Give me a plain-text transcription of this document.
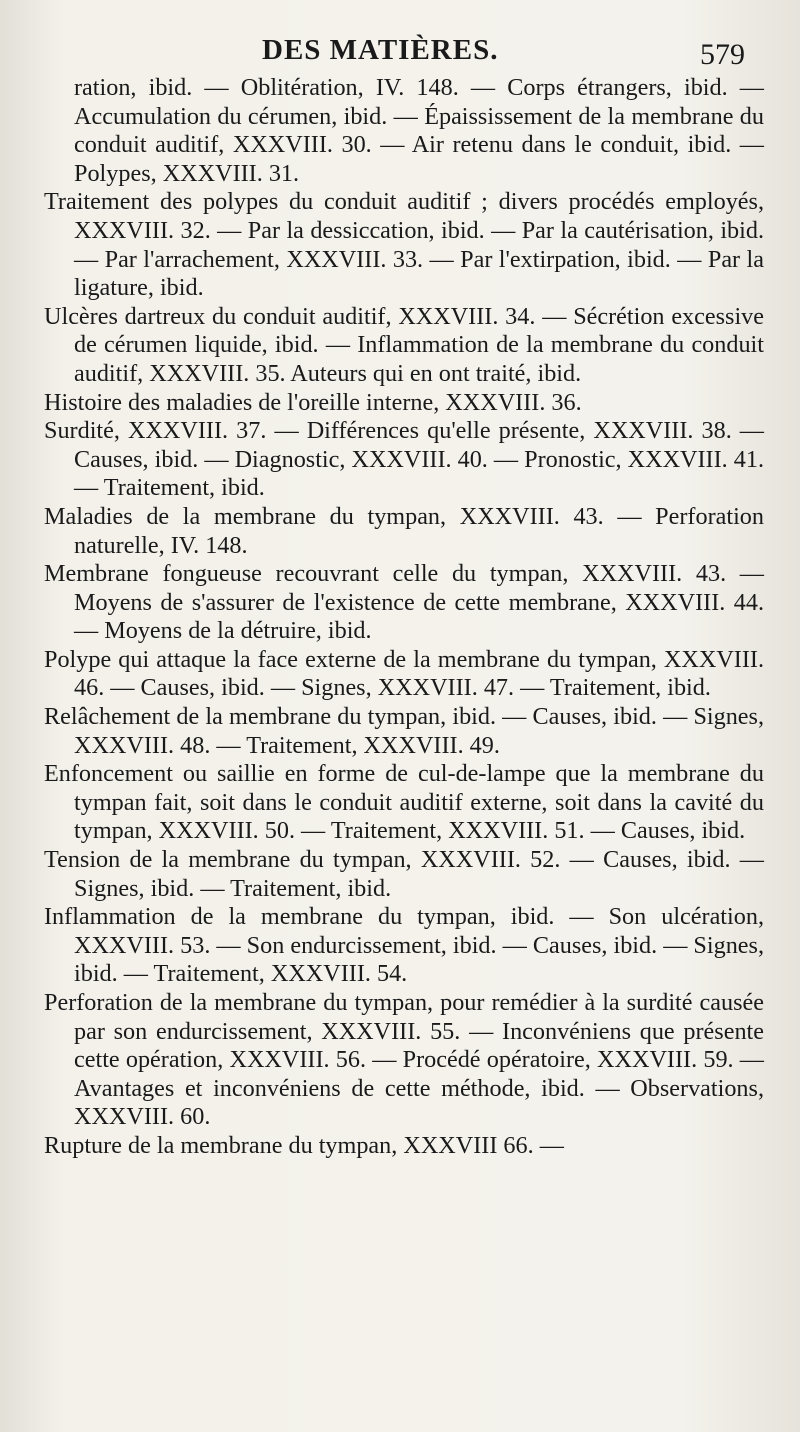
DES MATIÈRES.	579
ration, ibid. — Oblitération, IV. 148. — Corps étrangers, ibid. — Accumulation du cérumen, ibid. — Épaississement de la membrane du conduit auditif, XXXVIII. 30. — Air retenu dans le conduit, ibid. — Polypes, XXXVIII. 31.
Traitement des polypes du conduit auditif ; divers procédés employés, XXXVIII. 32. — Par la dessiccation, ibid. — Par la cautérisation, ibid. — Par l'arrachement, XXXVIII. 33. — Par l'extirpation, ibid. — Par la ligature, ibid.
Ulcères dartreux du conduit auditif, XXXVIII. 34. — Sécrétion excessive de cérumen liquide, ibid. — Inflammation de la membrane du conduit auditif, XXXVIII. 35. Auteurs qui en ont traité, ibid.
Histoire des maladies de l'oreille interne, XXXVIII. 36.
Surdité, XXXVIII. 37. — Différences qu'elle présente, XXXVIII. 38. — Causes, ibid. — Diagnostic, XXXVIII. 40. — Pronostic, XXXVIII. 41. — Traitement, ibid.
Maladies de la membrane du tympan, XXXVIII. 43. — Perforation naturelle, IV. 148.
Membrane fongueuse recouvrant celle du tympan, XXXVIII. 43. — Moyens de s'assurer de l'existence de cette membrane, XXXVIII. 44. — Moyens de la détruire, ibid.
Polype qui attaque la face externe de la membrane du tympan, XXXVIII. 46. — Causes, ibid. — Signes, XXXVIII. 47. — Traitement, ibid.
Relâchement de la membrane du tympan, ibid. — Causes, ibid. — Signes, XXXVIII. 48. — Traitement, XXXVIII. 49.
Enfoncement ou saillie en forme de cul-de-lampe que la membrane du tympan fait, soit dans le conduit auditif externe, soit dans la cavité du tympan, XXXVIII. 50. — Traitement, XXXVIII. 51. — Causes, ibid.
Tension de la membrane du tympan, XXXVIII. 52. — Causes, ibid. — Signes, ibid. — Traitement, ibid.
Inflammation de la membrane du tympan, ibid. — Son ulcération, XXXVIII. 53. — Son endurcissement, ibid. — Causes, ibid. — Signes, ibid. — Traitement, XXXVIII. 54.
Perforation de la membrane du tympan, pour remédier à la surdité causée par son endurcissement, XXXVIII. 55. — Inconvéniens que présente cette opération, XXXVIII. 56. — Procédé opératoire, XXXVIII. 59. — Avantages et inconvéniens de cette méthode, ibid. — Observations, XXXVIII. 60.
Rupture de la membrane du tympan, XXXVIII 66. —
